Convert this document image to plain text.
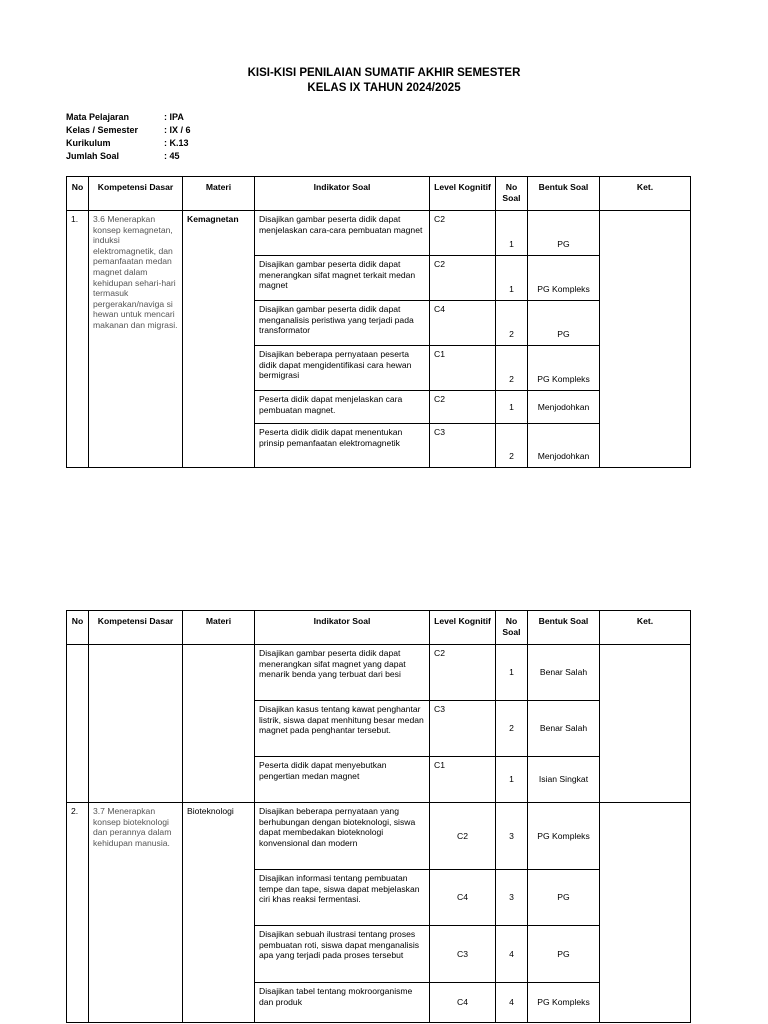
KISI-KISI PENILAIAN SUMATIF AKHIR SEMESTER
KELAS IX TAHUN 2024/2025
Mata Pelajaran	: IPA
Kelas / Semester	: IX / 6
Kurikulum	: K.13
Jumlah Soal	: 45
No	Kompetensi Dasar	Materi	Indikator Soal	Level Kognitif	No Soal	Bentuk Soal	Ket.
1.	3.6 Menerapkan konsep kemagnetan, induksi elektromagnetik, dan pemanfaatan medan magnet dalam kehidupan sehari-hari termasuk pergerakan/naviga si hewan untuk mencari makanan dan migrasi.	Kemagnetan	Disajikan gambar peserta didik dapat menjelaskan cara-cara pembuatan magnet	C2	1	PG	
			Disajikan gambar peserta didik dapat menerangkan sifat magnet terkait medan magnet	C2	1	PG Kompleks	
			Disajikan gambar peserta didik dapat menganalisis peristiwa yang terjadi pada transformator	C4	2	PG	
			Disajikan beberapa pernyataan peserta didik dapat mengidentifikasi cara hewan bermigrasi	C1	2	PG Kompleks	
			Peserta didik dapat menjelaskan cara pembuatan magnet.	C2	1	Menjodohkan	
			Peserta didik didik dapat menentukan prinsip pemanfaatan elektromagnetik	C3	2	Menjodohkan	
No	Kompetensi Dasar	Materi	Indikator Soal	Level Kognitif	No Soal	Bentuk Soal	Ket.
			Disajikan gambar peserta didik dapat menerangkan sifat magnet yang dapat menarik benda yang terbuat dari besi	C2	1	Benar Salah	
			Disajikan kasus tentang kawat penghantar listrik, siswa dapat menhitung besar medan magnet pada penghantar tersebut.	C3	2	Benar Salah	
			Peserta didik dapat menyebutkan pengertian medan magnet	C1	1	Isian Singkat	
2.	3.7 Menerapkan konsep bioteknologi dan perannya dalam kehidupan manusia.	Bioteknologi	Disajikan beberapa pernyataan yang berhubungan dengan bioteknologi, siswa dapat membedakan bioteknologi konvensional dan modern	C2	3	PG Kompleks	
			Disajikan informasi tentang pembuatan tempe dan tape, siswa dapat mebjelaskan ciri khas reaksi fermentasi.	C4	3	PG	
			Disajikan sebuah ilustrasi tentang proses pembuatan roti, siswa dapat menganalisis apa yang terjadi pada proses tersebut	C3	4	PG	
			Disajikan tabel tentang mokroorganisme dan produk	C4	4	PG Kompleks	
